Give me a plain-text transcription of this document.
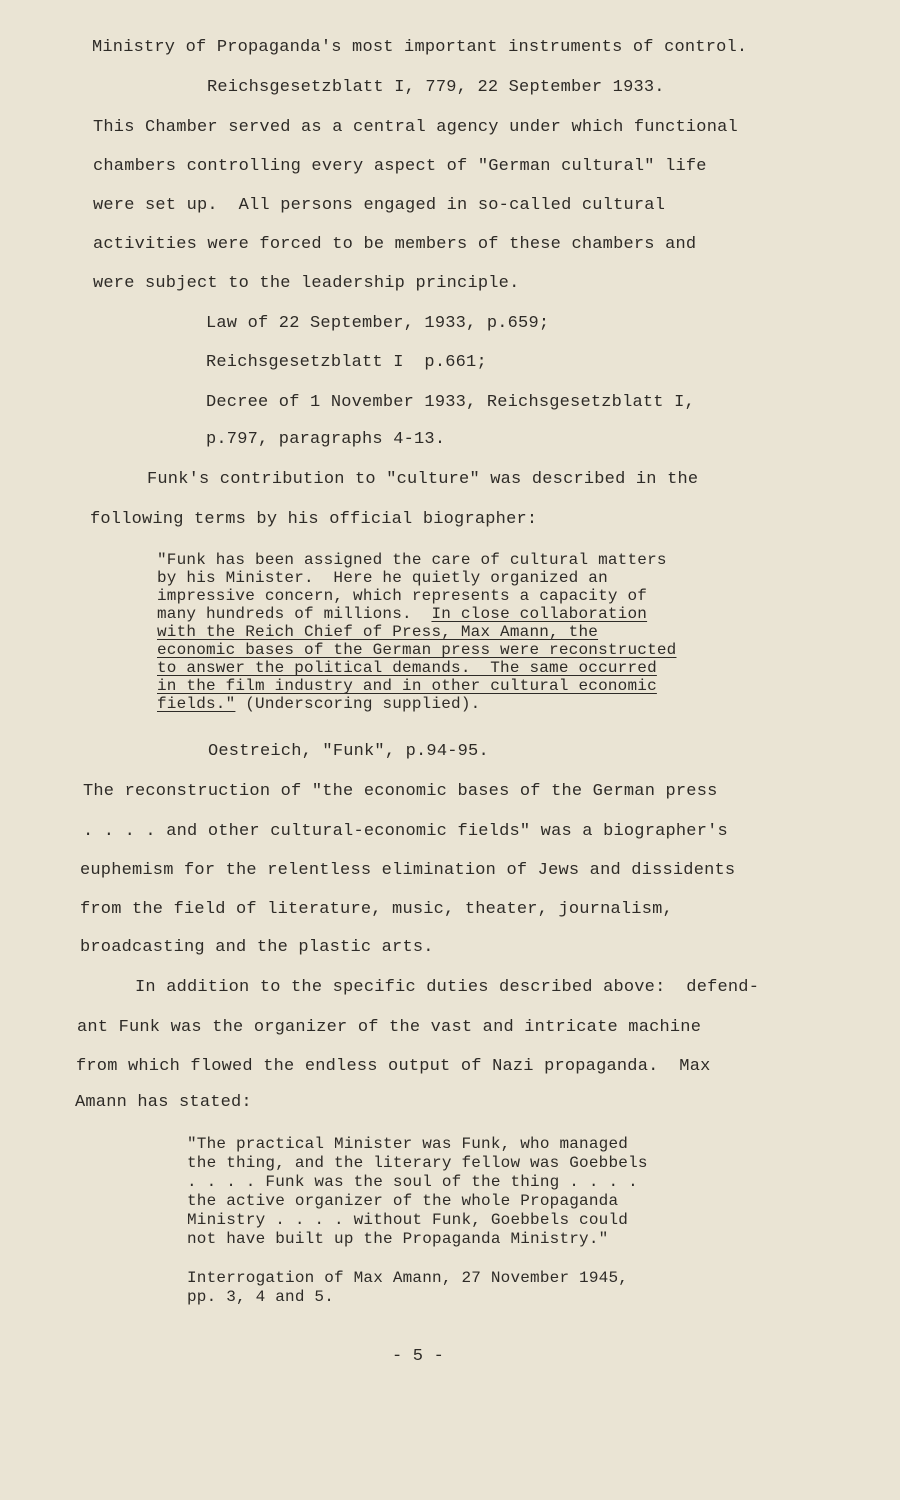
Ministry of Propaganda's most important instruments of control.

Reichsgesetzblatt I, 779, 22 September 1933.

This Chamber served as a central agency under which functional

chambers controlling every aspect of "German cultural" life

were set up.  All persons engaged in so-called cultural

activities were forced to be members of these chambers and

were subject to the leadership principle.

Law of 22 September, 1933, p.659;

Reichsgesetzblatt I  p.661;

Decree of 1 November 1933, Reichsgesetzblatt I,

p.797, paragraphs 4-13.

Funk's contribution to "culture" was described in the

following terms by his official biographer:

"Funk has been assigned the care of cultural matters

by his Minister.  Here he quietly organized an

impressive concern, which represents a capacity of

many hundreds of millions.  In close collaboration

with the Reich Chief of Press, Max Amann, the

economic bases of the German press were reconstructed

to answer the political demands.  The same occurred

in the film industry and in other cultural economic

fields." (Underscoring supplied).

Oestreich, "Funk", p.94-95.

The reconstruction of "the economic bases of the German press

. . . . and other cultural-economic fields" was a biographer's

euphemism for the relentless elimination of Jews and dissidents

from the field of literature, music, theater, journalism,

broadcasting and the plastic arts.

In addition to the specific duties described above:  defend-

ant Funk was the organizer of the vast and intricate machine

from which flowed the endless output of Nazi propaganda.  Max

Amann has stated:

"The practical Minister was Funk, who managed

the thing, and the literary fellow was Goebbels

. . . . Funk was the soul of the thing . . . .

the active organizer of the whole Propaganda

Ministry . . . . without Funk, Goebbels could

not have built up the Propaganda Ministry."

Interrogation of Max Amann, 27 November 1945,

pp. 3, 4 and 5.

- 5 -
